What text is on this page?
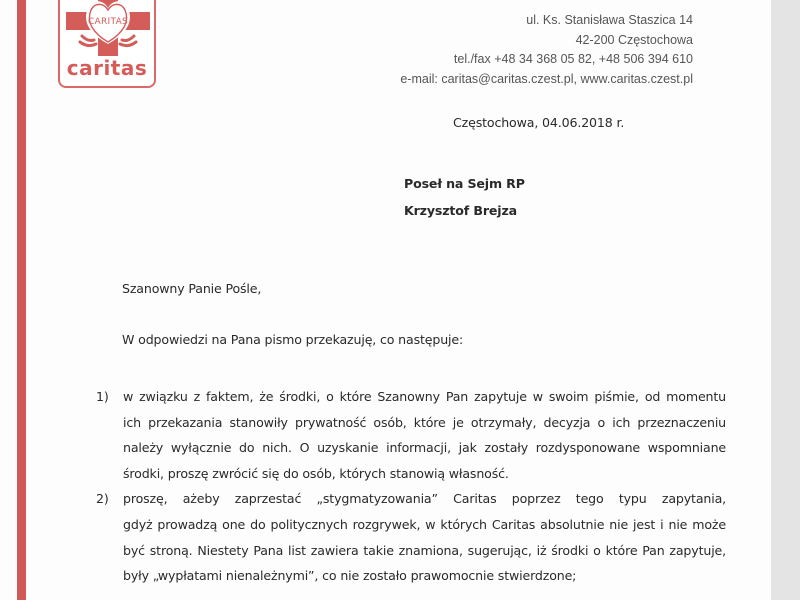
CARITAS
caritas
ul. Ks. Stanisława Staszica 14
42-200 Częstochowa
tel./fax +48 34 368 05 82, +48 506 394 610
e-mail: caritas@caritas.czest.pl, www.caritas.czest.pl
Częstochowa, 04.06.2018 r.
Poseł na Sejm RP
Krzysztof Brejza
Szanowny Panie Pośle,
W odpowiedzi na Pana pismo przekazuję, co następuje:
1) w związku z faktem, że środki, o które Szanowny Pan zapytuje w swoim piśmie, od momentu
ich przekazania stanowiły prywatność osób, które je otrzymały, decyzja o ich przeznaczeniu
należy wyłącznie do nich. O uzyskanie informacji, jak zostały rozdysponowane wspomniane
środki, proszę zwrócić się do osób, których stanowią własność.
2) proszę, ażeby zaprzestać „stygmatyzowania” Caritas poprzez tego typu zapytania,
gdyż prowadzą one do politycznych rozgrywek, w których Caritas absolutnie nie jest i nie może
być stroną. Niestety Pana list zawiera takie znamiona, sugerując, iż środki o które Pan zapytuje,
były „wypłatami nienależnymi”, co nie zostało prawomocnie stwierdzone;
